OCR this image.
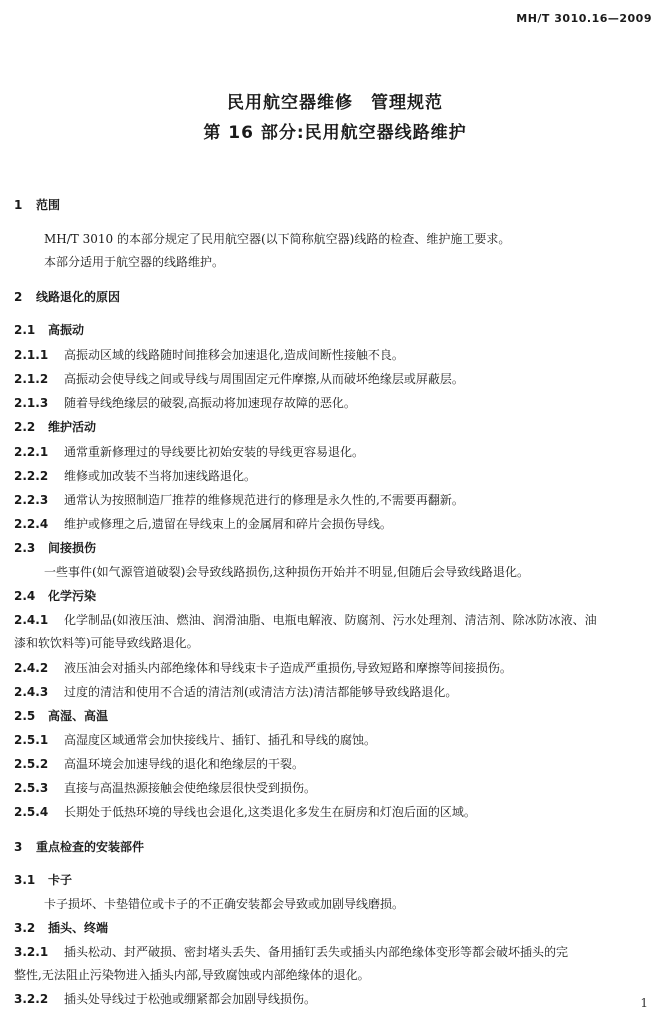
MH/T 3010.16—2009
民用航空器维修　管理规范
第 16 部分:民用航空器线路维护
1 范围
MH/T 3010 的本部分规定了民用航空器(以下简称航空器)线路的检查、维护施工要求。
本部分适用于航空器的线路维护。
2 线路退化的原因
2.1 高振动
2.1.1 高振动区域的线路随时间推移会加速退化,造成间断性接触不良。
2.1.2 高振动会使导线之间或导线与周围固定元件摩擦,从而破坏绝缘层或屏蔽层。
2.1.3 随着导线绝缘层的破裂,高振动将加速现存故障的恶化。
2.2 维护活动
2.2.1 通常重新修理过的导线要比初始安装的导线更容易退化。
2.2.2 维修或加改装不当将加速线路退化。
2.2.3 通常认为按照制造厂推荐的维修规范进行的修理是永久性的,不需要再翻新。
2.2.4 维护或修理之后,遗留在导线束上的金属屑和碎片会损伤导线。
2.3 间接损伤
一些事件(如气源管道破裂)会导致线路损伤,这种损伤开始并不明显,但随后会导致线路退化。
2.4 化学污染
2.4.1 化学制品(如液压油、燃油、润滑油脂、电瓶电解液、防腐剂、污水处理剂、清洁剂、除冰防冰液、油
漆和软饮料等)可能导致线路退化。
2.4.2 液压油会对插头内部绝缘体和导线束卡子造成严重损伤,导致短路和摩擦等间接损伤。
2.4.3 过度的清洁和使用不合适的清洁剂(或清洁方法)清洁都能够导致线路退化。
2.5 高湿、高温
2.5.1 高湿度区域通常会加快接线片、插钉、插孔和导线的腐蚀。
2.5.2 高温环境会加速导线的退化和绝缘层的干裂。
2.5.3 直接与高温热源接触会使绝缘层很快受到损伤。
2.5.4 长期处于低热环境的导线也会退化,这类退化多发生在厨房和灯泡后面的区域。
3 重点检查的安装部件
3.1 卡子
卡子损坏、卡垫错位或卡子的不正确安装都会导致或加剧导线磨损。
3.2 插头、终端
3.2.1 插头松动、封严破损、密封堵头丢失、备用插钉丢失或插头内部绝缘体变形等都会破坏插头的完
整性,无法阻止污染物进入插头内部,导致腐蚀或内部绝缘体的退化。
3.2.2 插头处导线过于松弛或绷紧都会加剧导线损伤。	1
